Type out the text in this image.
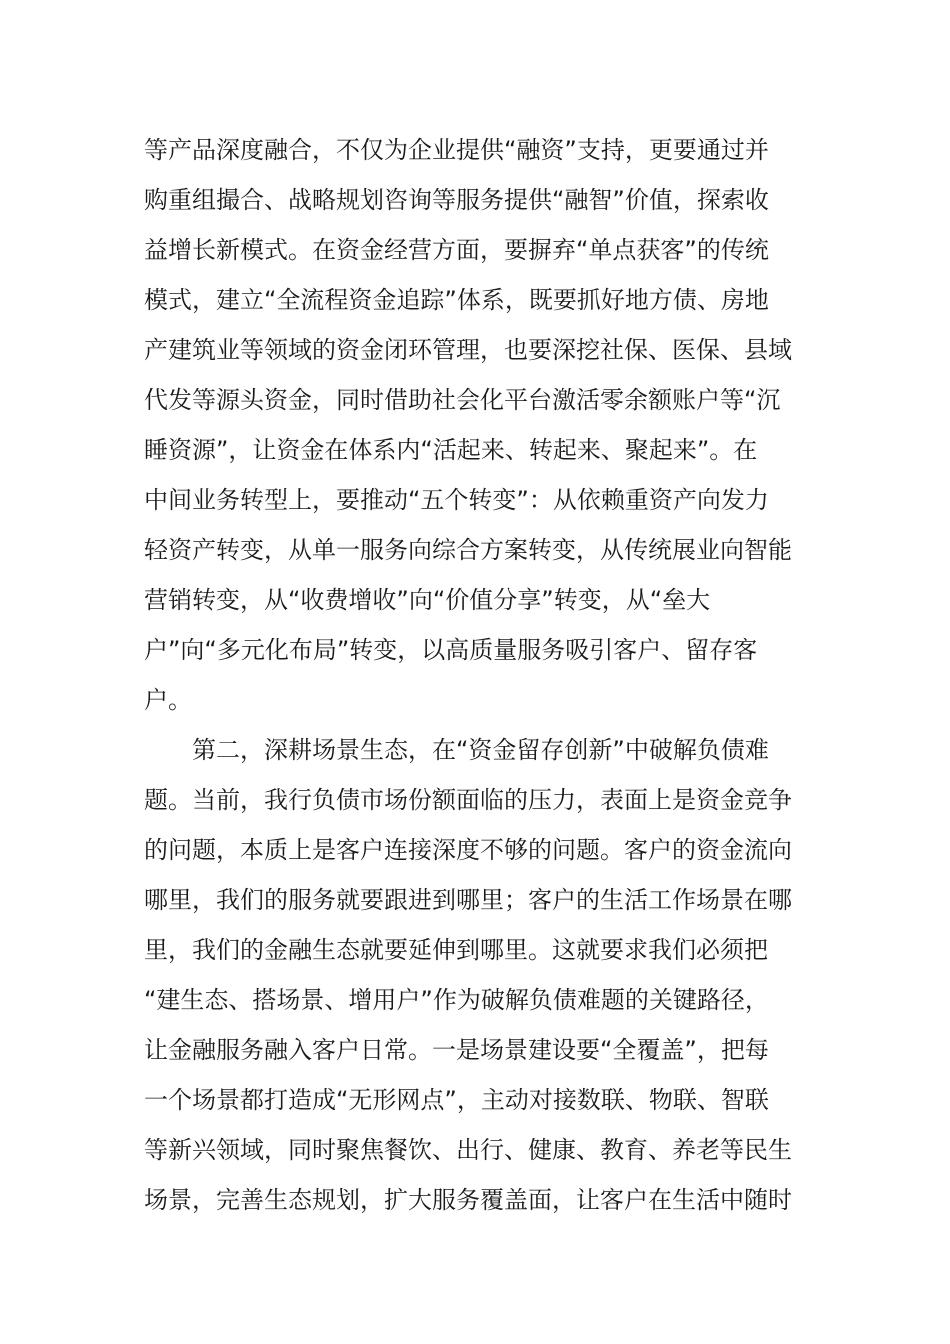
等产品深度融合，不仅为企业提供“融资”支持，更要通过并
购重组撮合、战略规划咨询等服务提供“融智”价值，探索收
益增长新模式。在资金经营方面，要摒弃“单点获客”的传统
模式，建立“全流程资金追踪”体系，既要抓好地方债、房地
产建筑业等领域的资金闭环管理，也要深挖社保、医保、县域
代发等源头资金，同时借助社会化平台激活零余额账户等“沉
睡资源”，让资金在体系内“活起来、转起来、聚起来”。在
中间业务转型上，要推动“五个转变”：从依赖重资产向发力
轻资产转变，从单一服务向综合方案转变，从传统展业向智能
营销转变，从“收费增收”向“价值分享”转变，从“垒大
户”向“多元化布局”转变，以高质量服务吸引客户、留存客
户。
第二，深耕场景生态，在“资金留存创新”中破解负债难
题。当前，我行负债市场份额面临的压力，表面上是资金竞争
的问题，本质上是客户连接深度不够的问题。客户的资金流向
哪里，我们的服务就要跟进到哪里；客户的生活工作场景在哪
里，我们的金融生态就要延伸到哪里。这就要求我们必须把
“建生态、搭场景、增用户”作为破解负债难题的关键路径，
让金融服务融入客户日常。一是场景建设要“全覆盖”，把每
一个场景都打造成“无形网点”，主动对接数联、物联、智联
等新兴领域，同时聚焦餐饮、出行、健康、教育、养老等民生
场景，完善生态规划，扩大服务覆盖面，让客户在生活中随时
